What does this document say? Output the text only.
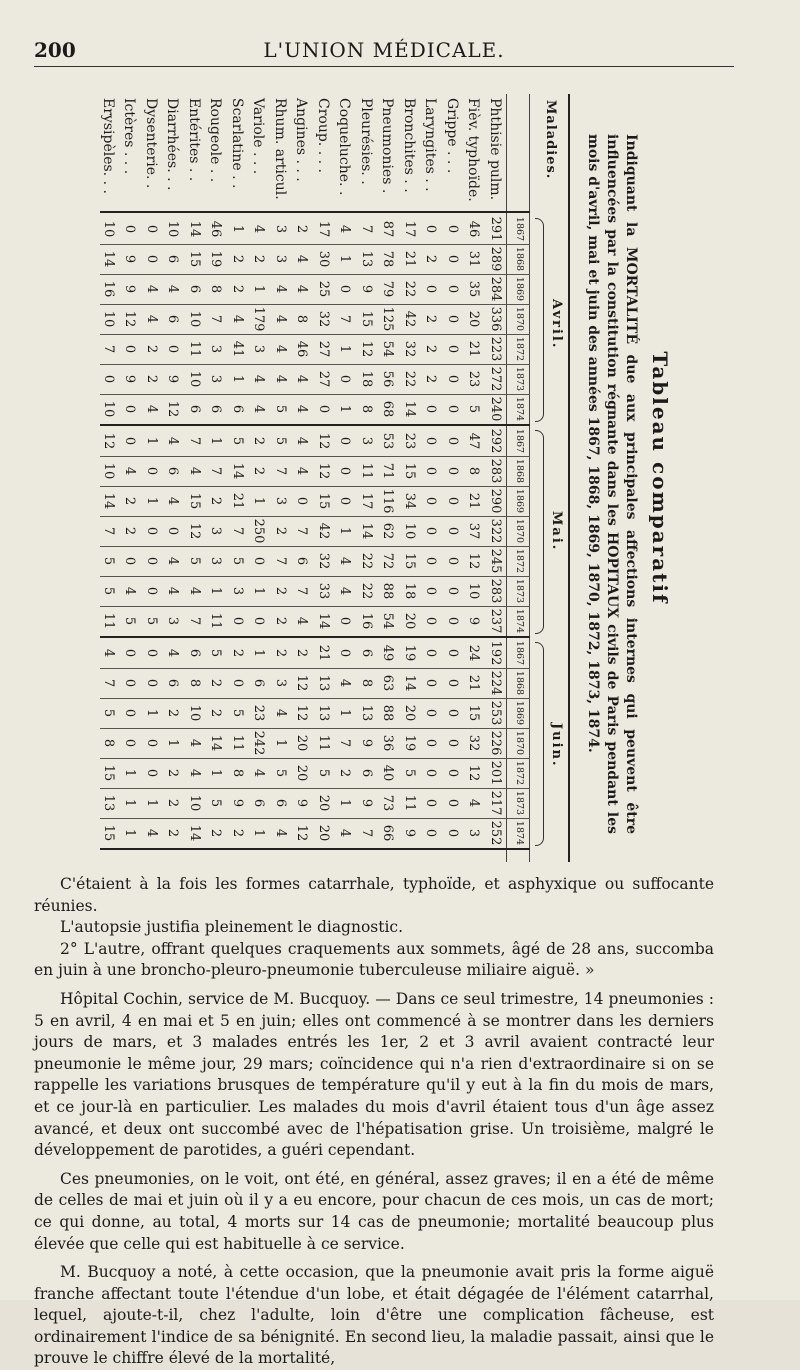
200	L'UNION MÉDICALE.
Tableau comparatif
Indiquant la MORTALITÉ due aux principales affections internes qui peuvent être influencées par la constitution régnante dans les HOPITAUX civils de Paris pendant les mois d'avril, mai et juin des années 1867, 1868, 1869, 1870, 1872, 1873, 1874.
Maladies.
Avril.
Mai.
Juin.
1867
1868
1869
1870
1872
1873
1874
1867
1868
1869
1870
1872
1873
1874
1867
1868
1869
1870
1872
1873
1874
Phthisie pulm.
291
289
284
336
223
272
240
292
283
290
322
245
283
237
192
224
253
226
201
217
252
Fièv. typhoïde.
46
31
35
20
21
23
5
47
8
21
37
12
10
9
24
21
15
32
12
4
3
Grippe . . .
0
0
0
0
0
0
0
0
0
0
0
0
0
0
0
0
0
0
0
0
0
Laryngites . .
0
2
0
2
2
2
0
0
0
0
0
0
0
0
0
0
0
0
0
0
0
Bronchites . .
17
21
22
42
32
22
14
23
15
34
10
15
18
20
19
14
20
19
5
11
9
Pneumonies .
87
78
79
125
54
56
68
53
71
116
62
72
88
54
49
63
88
36
40
73
66
Pleurésies. .
7
13
9
15
12
18
8
3
11
17
14
22
22
16
6
8
13
9
6
9
7
Coqueluche. .
4
1
0
7
1
0
1
0
0
0
1
4
4
0
0
4
1
7
2
1
4
Croup. . . .
17
30
25
32
27
27
0
12
12
15
42
32
33
14
21
13
13
11
5
20
20
Angines . . .
2
4
4
8
46
4
4
4
4
0
7
6
7
4
2
12
12
20
20
9
12
Rhum. articul.
3
3
4
4
4
4
5
5
7
3
2
7
2
2
2
3
4
1
5
6
4
Variole . . .
4
2
1
179
3
4
4
2
2
1
250
0
1
0
1
6
23
242
4
6
1
Scarlatine . .
1
2
2
4
41
1
6
5
14
21
7
5
3
0
2
0
5
11
8
9
2
Rougeole . .
46
19
8
7
3
3
6
1
7
2
3
3
1
11
5
2
2
14
1
5
2
Entérites . .
14
15
6
10
11
10
6
7
4
15
12
5
4
7
6
8
10
4
4
10
14
Diarrhées. . .
10
6
4
6
0
9
12
4
6
4
0
4
4
3
4
6
2
1
2
2
2
Dysenterie. .
0
0
4
4
2
2
4
1
0
1
0
0
0
5
0
0
1
0
0
1
4
Ictères . . .
0
9
9
12
0
9
0
0
4
2
2
0
4
5
0
0
0
0
1
1
1
Erysipèles. . .
10
14
16
10
7
0
10
12
10
14
7
5
5
11
4
7
5
8
15
13
15

C'étaient à la fois les formes catarrhale, typhoïde, et asphyxique ou suffocante réunies.

L'autopsie justifia pleinement le diagnostic.

2° L'autre, offrant quelques craquements aux sommets, âgé de 28 ans, succomba en juin à une broncho-pleuro-pneumonie tuberculeuse miliaire aiguë. »

Hôpital Cochin, service de M. Bucquoy. — Dans ce seul trimestre, 14 pneumonies : 5 en avril, 4 en mai et 5 en juin; elles ont commencé à se montrer dans les derniers jours de mars, et 3 malades entrés les 1er, 2 et 3 avril avaient contracté leur pneumonie le même jour, 29 mars; coïncidence qui n'a rien d'extraordinaire si on se rappelle les variations brusques de température qu'il y eut à la fin du mois de mars, et ce jour-là en particulier. Les malades du mois d'avril étaient tous d'un âge assez avancé, et deux ont succombé avec de l'hépatisation grise. Un troisième, malgré le développement de parotides, a guéri cependant.

Ces pneumonies, on le voit, ont été, en général, assez graves; il en a été de même de celles de mai et juin où il y a eu encore, pour chacun de ces mois, un cas de mort; ce qui donne, au total, 4 morts sur 14 cas de pneumonie; mortalité beaucoup plus élevée que celle qui est habituelle à ce service.

M. Bucquoy a noté, à cette occasion, que la pneumonie avait pris la forme aiguë franche affectant toute l'étendue d'un lobe, et était dégagée de l'élément catarrhal, lequel, ajoute-t-il, chez l'adulte, loin d'être une complication fâcheuse, est ordinairement l'indice de sa bénignité. En second lieu, la maladie passait, ainsi que le prouve le chiffre élevé de la mortalité,
